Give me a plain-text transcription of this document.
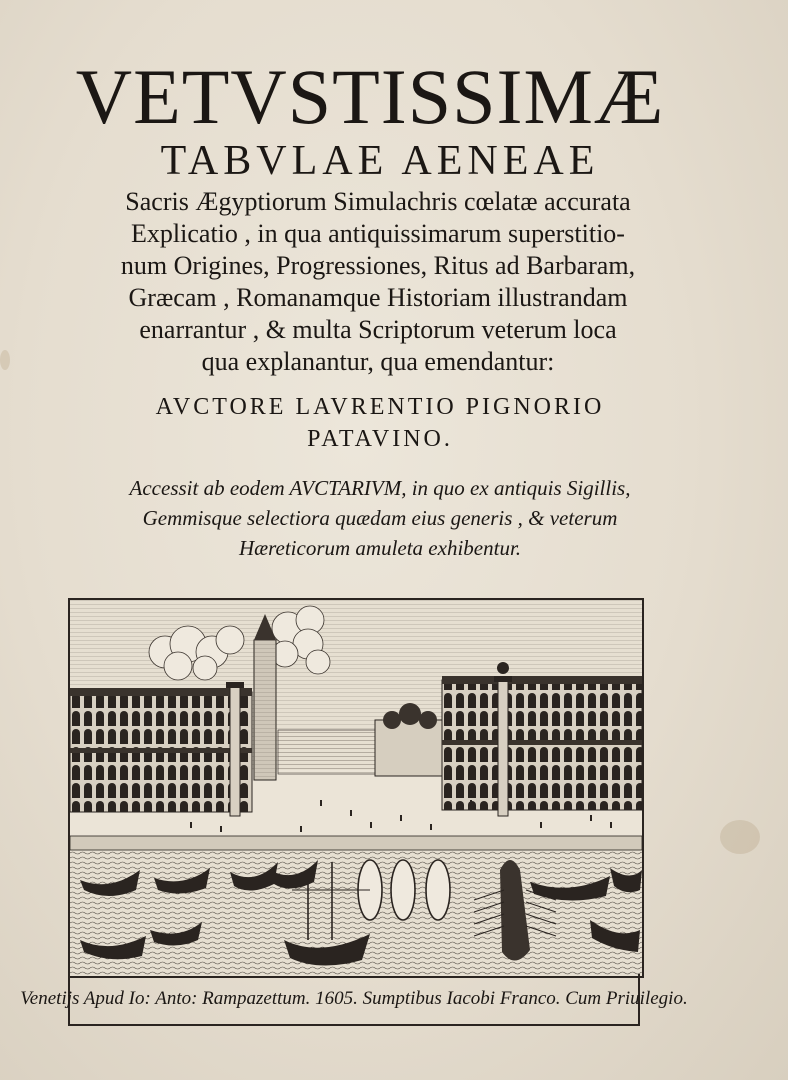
VETVSTISSIMÆ
TABVLAE AENEAE
Sacris Ægyptiorum Simulachris cœlatæ accurata
Explicatio , in qua antiquissimarum superstitio-
num Origines, Progressiones, Ritus ad Barbaram,
Græcam , Romanamque Historiam illustrandam
enarrantur , & multa Scriptorum veterum loca
qua explanantur, qua emendantur:
AVCTORE LAVRENTIO PIGNORIO
PATAVINO.
Accessit ab eodem AVCTARIVM, in quo ex antiquis Sigillis,
Gemmisque selectiora quædam eius generis , & veterum
Hæreticorum amuleta exhibentur.
Venetijs Apud Io: Anto: Rampazettum. 1605. Sumptibus Iacobi Franco. Cum Priuilegio.
